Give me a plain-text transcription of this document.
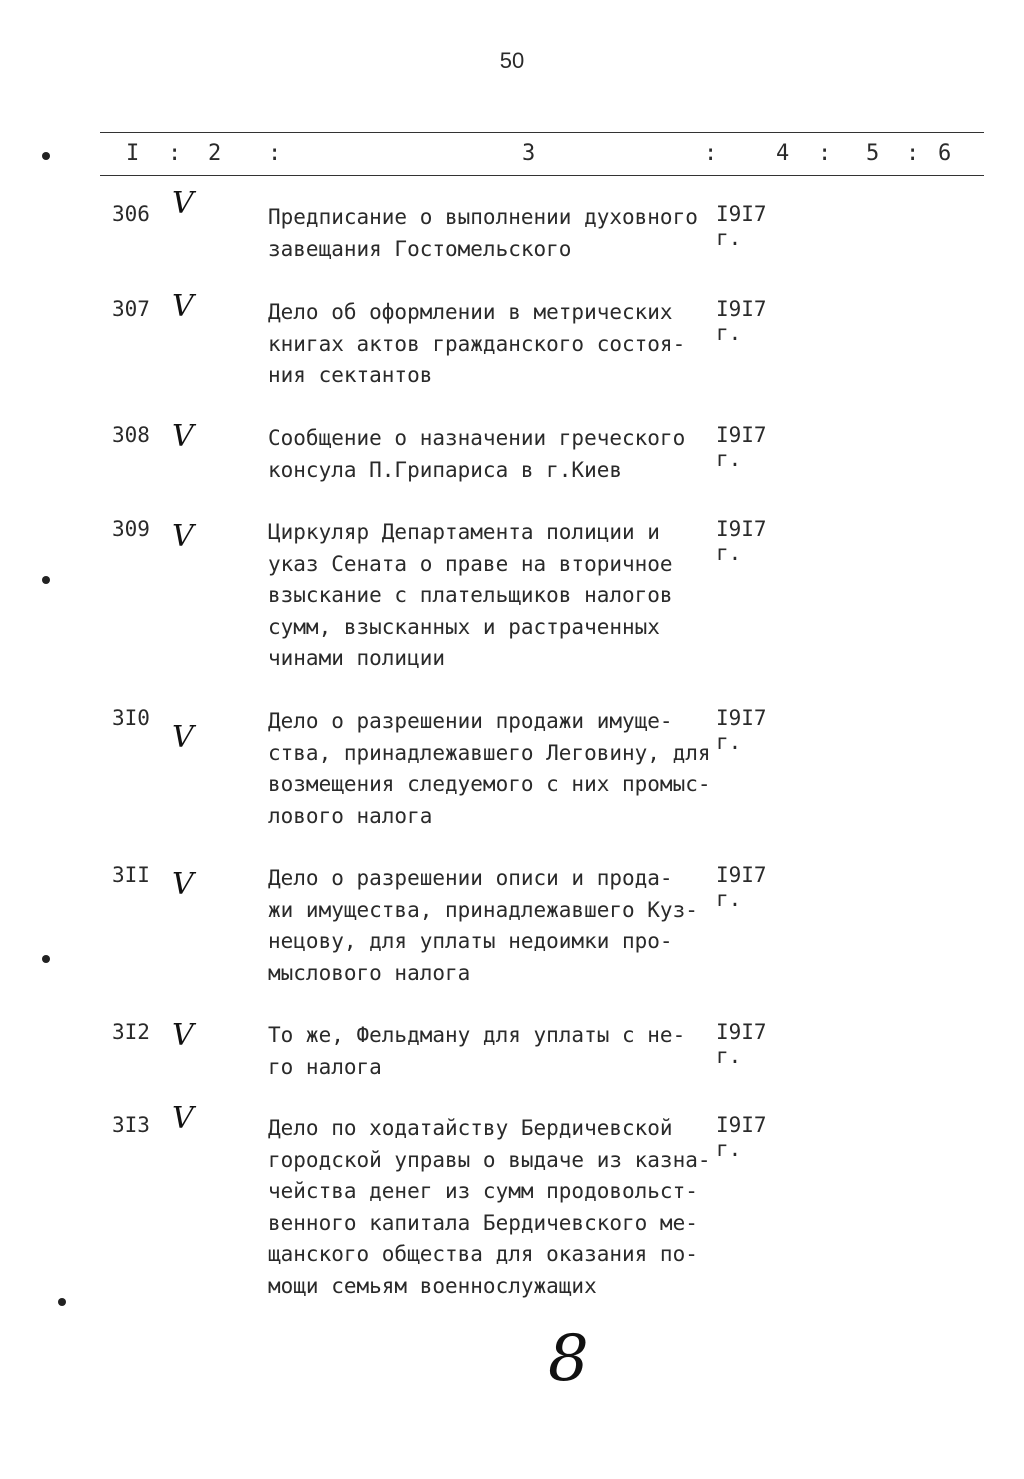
50
I : 2 :	3	:	4 : 5 : 6
306 V	Предписание о выполнении духовного
завещания Гостомельского
I9I7 г.
307 V	Дело об оформлении в метрических
книгах актов гражданского состоя-
ния сектантов
I9I7 г.
308 V	Сообщение о назначении греческого
консула П.Грипариса в г.Киев
I9I7 г.
309 V	Циркуляр Департамента полиции и
указ Сената о праве на вторичное
взыскание с плательщиков налогов
сумм, взысканных и растраченных
чинами полиции
I9I7 г.
3I0
V	Дело о разрешении продажи имуще-
ства, принадлежавшего Леговину, для
возмещения следуемого с них промыс-
лового налога
I9I7 г.
3II V	Дело о разрешении описи и прода-
жи имущества, принадлежавшего Куз-
нецову, для уплаты недоимки про-
мыслового налога
I9I7 г.
3I2 V	То же, Фельдману для уплаты с не-
го налога
I9I7 г.
3I3 V	Дело по ходатайству Бердичевской
городской управы о выдаче из казна-
чейства денег из сумм продовольст-
венного капитала Бердичевского ме-
щанского общества для оказания по-
мощи семьям военнослужащих
I9I7 г.
8
